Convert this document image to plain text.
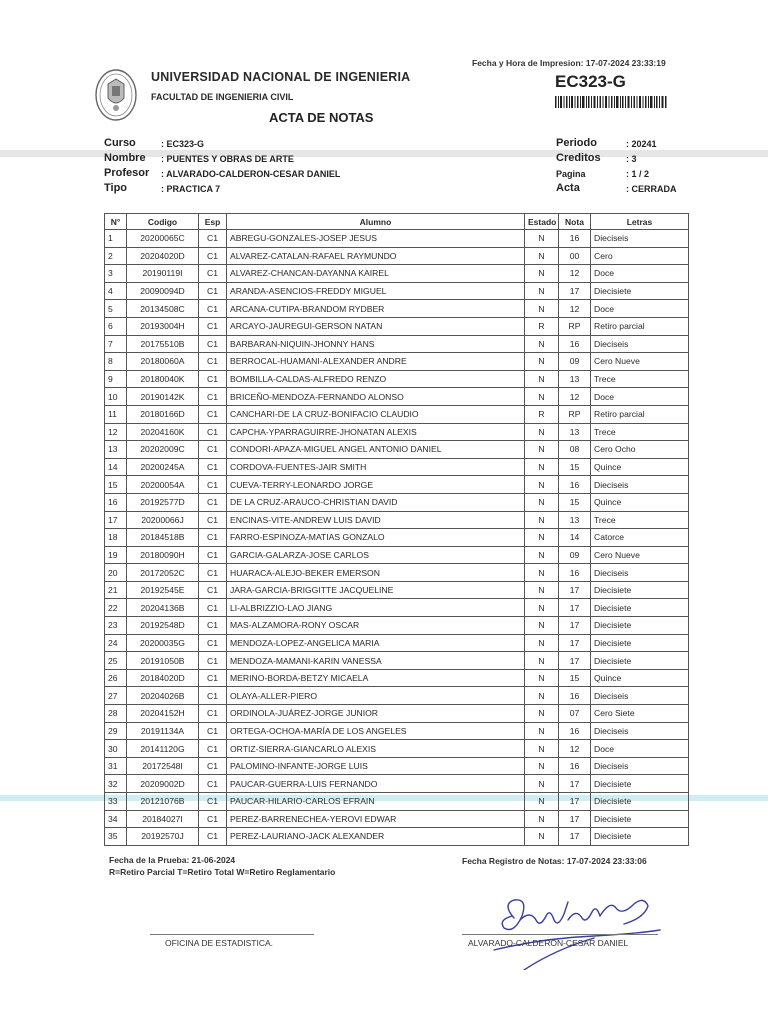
Fecha y Hora de Impresion: 17-07-2024 23:33:19
UNIVERSIDAD NACIONAL DE INGENIERIA
FACULTAD DE INGENIERIA CIVIL
ACTA DE NOTAS
EC323-G
Curso	: EC323-G
Nombre : PUENTES Y OBRAS DE ARTE
Profesor : ALVARADO-CALDERON-CESAR DANIEL
Tipo	: PRACTICA 7
Periodo	: 20241
Creditos	: 3
Pagina	: 1 / 2
Acta	: CERRADA
N°	Codigo	Esp	Alumno	Estado	Nota	Letras
1	20200065C	C1	ABREGU-GONZALES-JOSEP JESUS	N	16	Dieciseis
2	20204020D	C1	ALVAREZ-CATALAN-RAFAEL RAYMUNDO	N	00	Cero
3	20190119I	C1	ALVAREZ-CHANCAN-DAYANNA KAIREL	N	12	Doce
4	20090094D	C1	ARANDA-ASENCIOS-FREDDY MIGUEL	N	17	Diecisiete
5	20134508C	C1	ARCANA-CUTIPA-BRANDOM RYDBER	N	12	Doce
6	20193004H	C1	ARCAYO-JAUREGUI-GERSON NATAN	R	RP	Retiro parcial
7	20175510B	C1	BARBARAN-NIQUIN-JHONNY HANS	N	16	Dieciseis
8	20180060A	C1	BERROCAL-HUAMANI-ALEXANDER ANDRE	N	09	Cero Nueve
9	20180040K	C1	BOMBILLA-CALDAS-ALFREDO RENZO	N	13	Trece
10	20190142K	C1	BRICEÑO-MENDOZA-FERNANDO ALONSO	N	12	Doce
11	20180166D	C1	CANCHARI-DE LA CRUZ-BONIFACIO CLAUDIO	R	RP	Retiro parcial
12	20204160K	C1	CAPCHA-YPARRAGUIRRE-JHONATAN ALEXIS	N	13	Trece
13	20202009C	C1	CONDORI-APAZA-MIGUEL ANGEL ANTONIO DANIEL	N	08	Cero Ocho
14	20200245A	C1	CORDOVA-FUENTES-JAIR SMITH	N	15	Quince
15	20200054A	C1	CUEVA-TERRY-LEONARDO JORGE	N	16	Dieciseis
16	20192577D	C1	DE LA CRUZ-ARAUCO-CHRISTIAN DAVID	N	15	Quince
17	20200066J	C1	ENCINAS-VITE-ANDREW LUIS DAVID	N	13	Trece
18	20184518B	C1	FARRO-ESPINOZA-MATIAS GONZALO	N	14	Catorce
19	20180090H	C1	GARCIA-GALARZA-JOSE CARLOS	N	09	Cero Nueve
20	20172052C	C1	HUARACA-ALEJO-BEKER EMERSON	N	16	Dieciseis
21	20192545E	C1	JARA-GARCIA-BRIGGITTE JACQUELINE	N	17	Diecisiete
22	20204136B	C1	LI-ALBRIZZIO-LAO JIANG	N	17	Diecisiete
23	20192548D	C1	MAS-ALZAMORA-RONY OSCAR	N	17	Diecisiete
24	20200035G	C1	MENDOZA-LOPEZ-ANGELICA MARIA	N	17	Diecisiete
25	20191050B	C1	MENDOZA-MAMANI-KARIN VANESSA	N	17	Diecisiete
26	20184020D	C1	MERINO-BORDA-BETZY MICAELA	N	15	Quince
27	20204026B	C1	OLAYA-ALLER-PIERO	N	16	Dieciseis
28	20204152H	C1	ORDINOLA-JUÁREZ-JORGE JUNIOR	N	07	Cero Siete
29	20191134A	C1	ORTEGA-OCHOA-MARÍA DE LOS ANGELES	N	16	Dieciseis
30	20141120G	C1	ORTIZ-SIERRA-GIANCARLO ALEXIS	N	12	Doce
31	20172548I	C1	PALOMINO-INFANTE-JORGE LUIS	N	16	Dieciseis
32	20209002D	C1	PAUCAR-GUERRA-LUIS FERNANDO	N	17	Diecisiete
33	20121076B	C1	PAUCAR-HILARIO-CARLOS EFRAIN	N	17	Diecisiete
34	20184027I	C1	PEREZ-BARRENECHEA-YEROVI EDWAR	N	17	Diecisiete
35	20192570J	C1	PEREZ-LAURIANO-JACK ALEXANDER	N	17	Diecisiete
Fecha de la Prueba: 21-06-2024
R=Retiro Parcial T=Retiro Total W=Retiro Reglamentario
Fecha Registro de Notas: 17-07-2024 23:33:06
OFICINA DE ESTADISTICA.	ALVARADO-CALDERON-CESAR DANIEL
